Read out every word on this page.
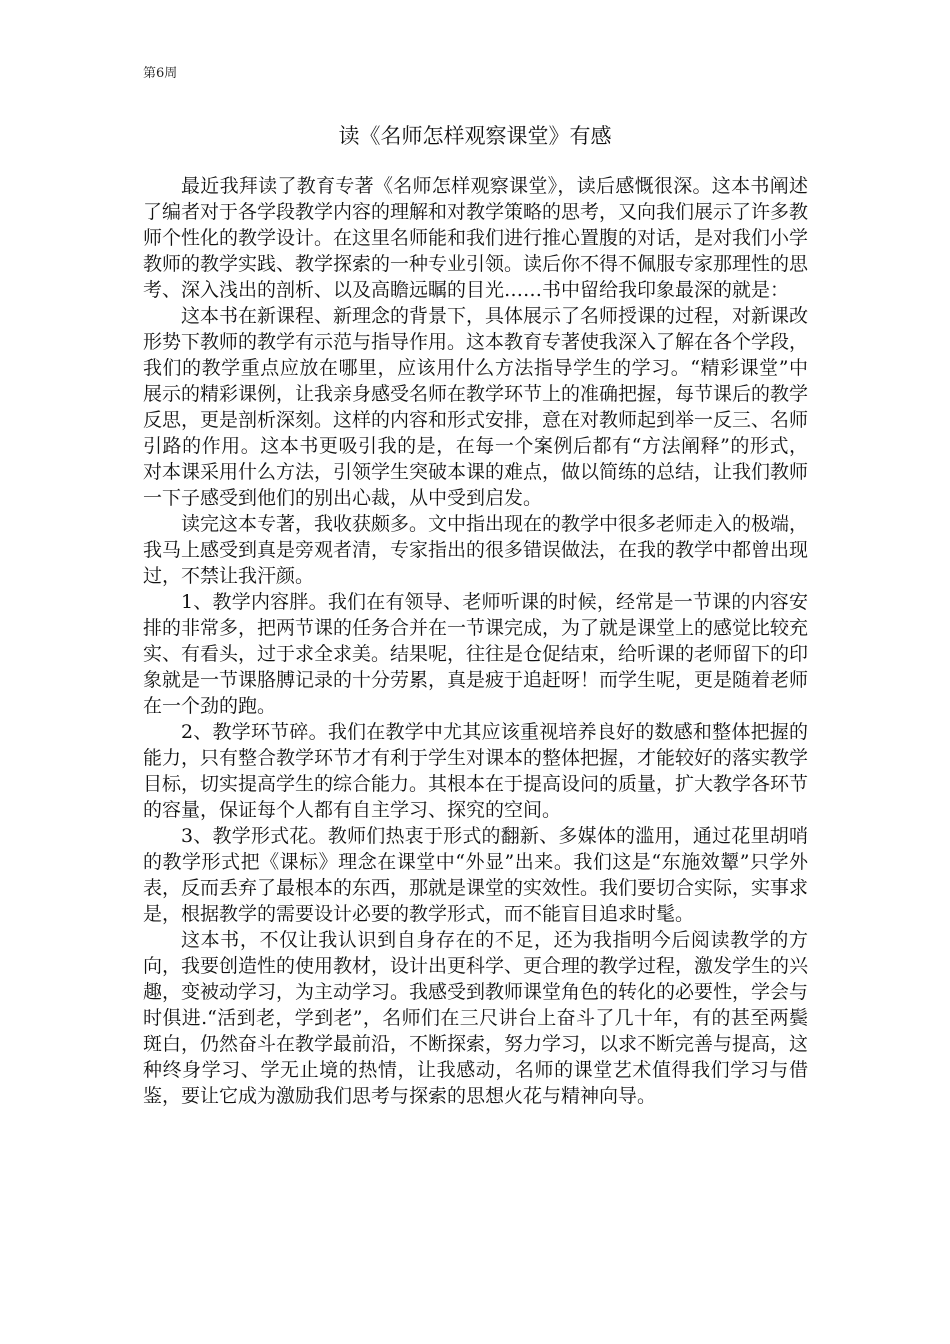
第6周
读《名师怎样观察课堂》有感

最近我拜读了教育专著《名师怎样观察课堂》，读后感慨很深。这本书阐述了编者对于各学段教学内容的理解和对教学策略的思考，又向我们展示了许多教师个性化的教学设计。在这里名师能和我们进行推心置腹的对话，是对我们小学教师的教学实践、教学探索的一种专业引领。读后你不得不佩服专家那理性的思考、深入浅出的剖析、以及高瞻远瞩的目光……书中留给我印象最深的就是：

这本书在新课程、新理念的背景下，具体展示了名师授课的过程，对新课改形势下教师的教学有示范与指导作用。这本教育专著使我深入了解在各个学段，我们的教学重点应放在哪里，应该用什么方法指导学生的学习。“精彩课堂”中展示的精彩课例，让我亲身感受名师在教学环节上的准确把握，每节课后的教学反思，更是剖析深刻。这样的内容和形式安排，意在对教师起到举一反三、名师引路的作用。这本书更吸引我的是，在每一个案例后都有“方法阐释”的形式，对本课采用什么方法，引领学生突破本课的难点，做以简练的总结，让我们教师一下子感受到他们的别出心裁，从中受到启发。

读完这本专著，我收获颇多。文中指出现在的教学中很多老师走入的极端，我马上感受到真是旁观者清，专家指出的很多错误做法，在我的教学中都曾出现过，不禁让我汗颜。

1、教学内容胖。我们在有领导、老师听课的时候，经常是一节课的内容安排的非常多，把两节课的任务合并在一节课完成，为了就是课堂上的感觉比较充实、有看头，过于求全求美。结果呢，往往是仓促结束，给听课的老师留下的印象就是一节课胳膊记录的十分劳累，真是疲于追赶呀！而学生呢，更是随着老师在一个劲的跑。

2、教学环节碎。我们在教学中尤其应该重视培养良好的数感和整体把握的能力，只有整合教学环节才有利于学生对课本的整体把握，才能较好的落实教学目标，切实提高学生的综合能力。其根本在于提高设问的质量，扩大教学各环节的容量，保证每个人都有自主学习、探究的空间。

3、教学形式花。教师们热衷于形式的翻新、多媒体的滥用，通过花里胡哨的教学形式把《课标》理念在课堂中“外显”出来。我们这是“东施效颦”只学外表，反而丢弃了最根本的东西，那就是课堂的实效性。我们要切合实际，实事求是，根据教学的需要设计必要的教学形式，而不能盲目追求时髦。

这本书，不仅让我认识到自身存在的不足，还为我指明今后阅读教学的方向，我要创造性的使用教材，设计出更科学、更合理的教学过程，激发学生的兴趣，变被动学习，为主动学习。我感受到教师课堂角色的转化的必要性，学会与时俱进.“活到老，学到老”，名师们在三尺讲台上奋斗了几十年，有的甚至两鬓斑白，仍然奋斗在教学最前沿，不断探索，努力学习，以求不断完善与提高，这种终身学习、学无止境的热情，让我感动，名师的课堂艺术值得我们学习与借鉴，要让它成为激励我们思考与探索的思想火花与精神向导。
